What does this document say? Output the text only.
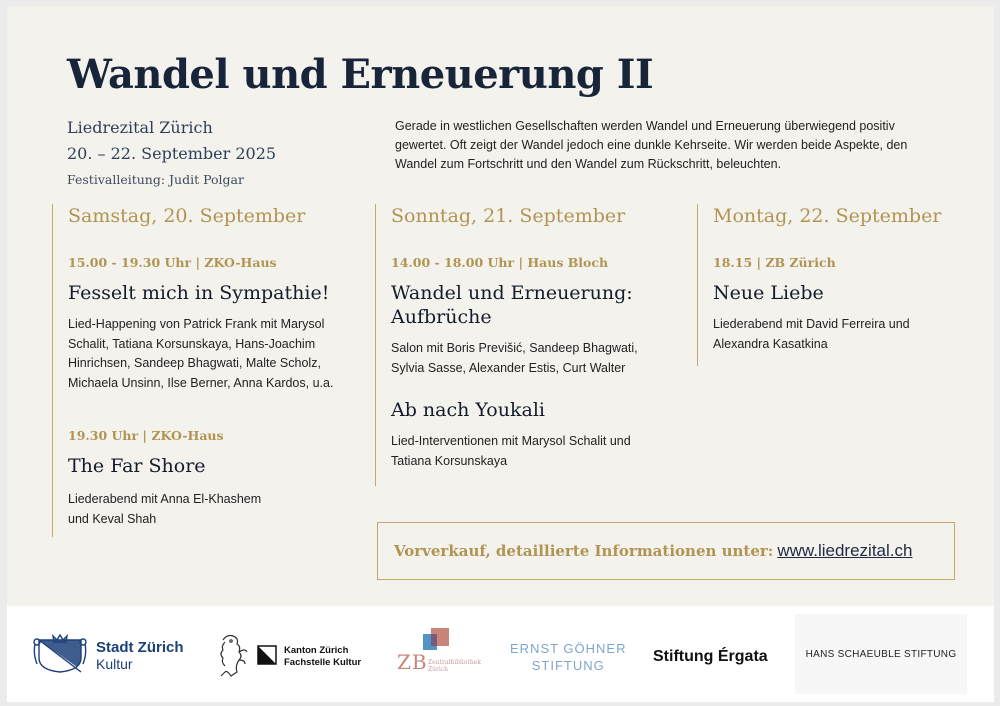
Wandel und Erneuerung II
Liedrezital Zürich
20. – 22. September 2025
Festivalleitung: Judit Polgar
Gerade in westlichen Gesellschaften werden Wandel und Erneuerung überwiegend positiv gewertet. Oft zeigt der Wandel jedoch eine dunkle Kehrseite. Wir werden beide Aspekte, den Wandel zum Fortschritt und den Wandel zum Rückschritt, beleuchten.
Samstag, 20. September
15.00 - 19.30 Uhr | ZKO-Haus
Fesselt mich in Sympathie!
Lied-Happening von Patrick Frank mit Marysol Schalit, Tatiana Korsunskaya, Hans-Joachim Hinrichsen, Sandeep Bhagwati, Malte Scholz, Michaela Unsinn, Ilse Berner, Anna Kardos, u.a.
19.30 Uhr | ZKO-Haus
The Far Shore
Liederabend mit Anna El-Khashem und Keval Shah
Sonntag, 21. September
14.00 - 18.00 Uhr | Haus Bloch
Wandel und Erneuerung: Aufbrüche
Salon mit Boris Previšić, Sandeep Bhagwati, Sylvia Sasse, Alexander Estis, Curt Walter
Ab nach Youkali
Lied-Interventionen mit Marysol Schalit und Tatiana Korsunskaya
Montag, 22. September
18.15 | ZB Zürich
Neue Liebe
Liederabend mit David Ferreira und Alexandra Kasatkina
Vorverkauf, detaillierte Informationen unter: www.liedrezital.ch
Stadt Zürich
Kultur
Kanton Zürich
Fachstelle Kultur ZB Zentralbibliothek
Zürich
ERNST GÖHNER
STIFTUNG
Stiftung Érgata	HANS SCHAEUBLE STIFTUNG
